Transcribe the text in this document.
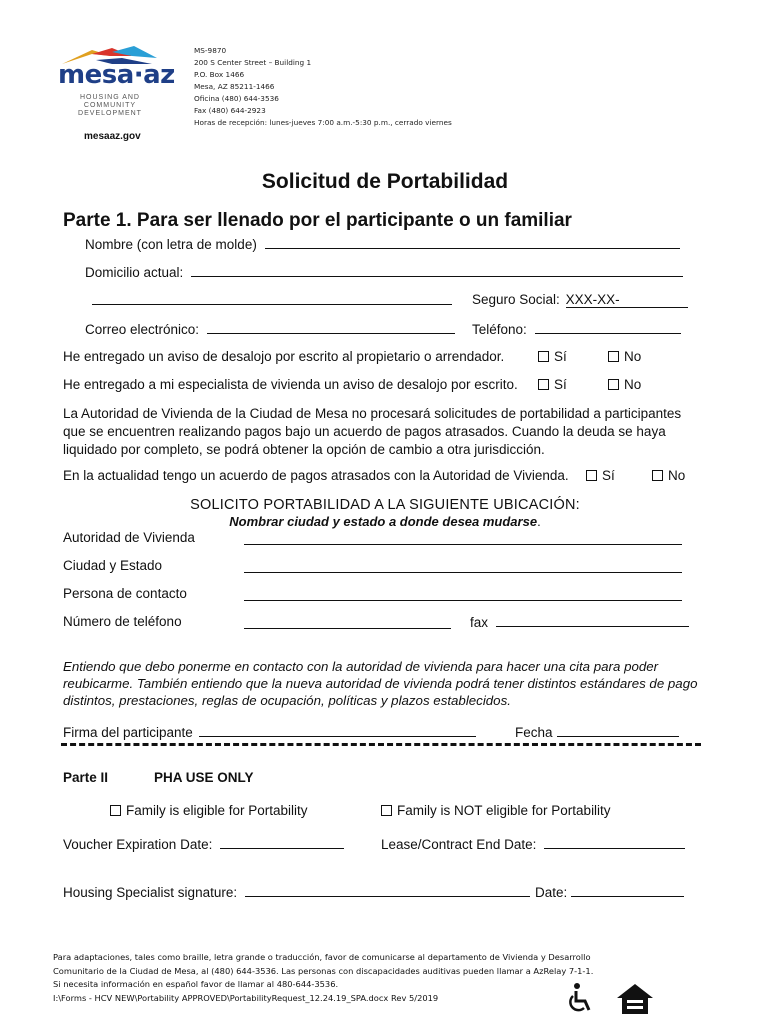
mesa·az
HOUSING AND COMMUNITY DEVELOPMENT
mesaaz.gov
MS-9870
200 S Center Street – Building 1
P.O. Box 1466
Mesa, AZ 85211-1466
Oficina (480) 644-3536
Fax (480) 644-2923
Horas de recepción: lunes-jueves 7:00 a.m.-5:30 p.m., cerrado viernes
Solicitud de Portabilidad
Parte 1. Para ser llenado por el participante o un familiar
Nombre (con letra de molde)
Domicilio actual:
Seguro Social: XXX-XX-
Correo electrónico:	Teléfono:
He entregado un aviso de desalojo por escrito al propietario o arrendador.	Sí	No
He entregado a mi especialista de vivienda un aviso de desalojo por escrito.	Sí	No
La Autoridad de Vivienda de la Ciudad de Mesa no procesará solicitudes de portabilidad a participantes que se encuentren realizando pagos bajo un acuerdo de pagos atrasados. Cuando la deuda se haya liquidado por completo, se podrá obtener la opción de cambio a otra jurisdicción.
En la actualidad tengo un acuerdo de pagos atrasados con la Autoridad de Vivienda.	Sí	No
SOLICITO PORTABILIDAD A LA SIGUIENTE UBICACIÓN:
Nombrar ciudad y estado a donde desea mudarse.
Autoridad de Vivienda
Ciudad y Estado
Persona de contacto
Número de teléfono	fax
Entiendo que debo ponerme en contacto con la autoridad de vivienda para hacer una cita para poder reubicarme. También entiendo que la nueva autoridad de vivienda podrá tener distintos estándares de pago distintos, prestaciones, reglas de ocupación, políticas y plazos establecidos.
Firma del participante	Fecha
Parte II	PHA USE ONLY
Family is eligible for Portability	Family is NOT eligible for Portability
Voucher Expiration Date:	Lease/Contract End Date:
Housing Specialist signature:	Date:
Para adaptaciones, tales como braille, letra grande o traducción, favor de comunicarse al departamento de Vivienda y Desarrollo
Comunitario de la Ciudad de Mesa, al (480) 644-3536. Las personas con discapacidades auditivas pueden llamar a AzRelay 7-1-1.
Si necesita información en español favor de llamar al 480-644-3536.
I:\Forms - HCV NEW\Portability APPROVED\PortabilityRequest_12.24.19_SPA.docx Rev 5/2019
